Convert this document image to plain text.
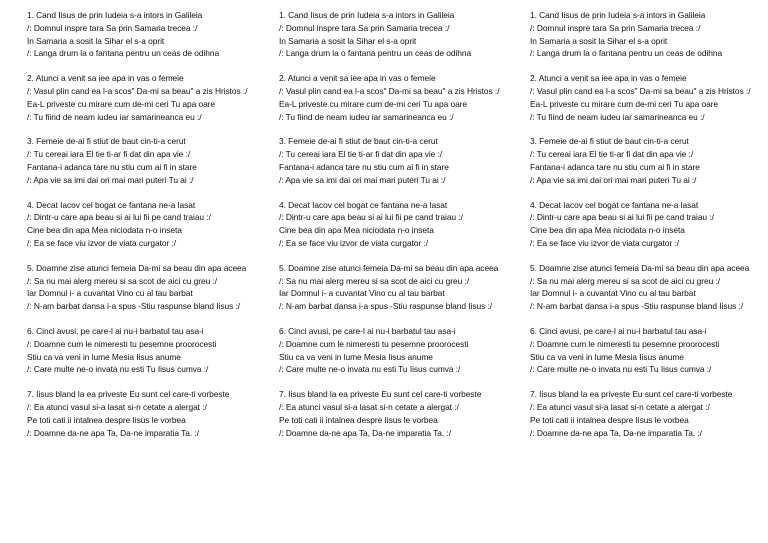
1. Cand Iisus de prin Iudeia s-a intors in Galileia
/: Domnul inspre tara Sa prin Samaria trecea :/
In Samaria a sosit la Sihar el s-a oprit
/: Langa drum la o fantana pentru un ceas de odihna
2. Atunci a venit sa iee apa in vas o femeie
/: Vasul plin cand ea l-a scos" Da-mi sa beau" a zis Hristos :/
Ea-L priveste cu mirare cum de-mi ceri Tu apa oare
/: Tu fiind de neam iudeu iar samarineanca eu :/
3. Femeie de-ai fi stiut de baut cin-ti-a cerut
/: Tu cereai iara El tie ti-ar fi dat din apa vie :/
Fantana-i adanca tare nu stiu cum ai fi in stare
/: Apa vie sa imi dai ori mai mari puteri Tu ai :/
4. Decat Iacov cel bogat ce fantana ne-a lasat
/: Dintr-u care apa beau si ai lui fii pe cand traiau :/
Cine bea din apa Mea niciodata n-o inseta
/: Ea se face viu izvor de viata curgator :/
5. Doamne zise atunci femeia Da-mi sa beau din apa aceea
/: Sa nu mai alerg mereu si sa scot de aici cu greu :/
Iar Domnul i- a cuvantat Vino cu al tau barbat
/: N-am barbat dansa i-a spus -Stiu raspunse bland Iisus :/
6. Cinci avusi, pe care-l ai nu-i barbatul tau asa-i
/: Doamne cum le nimeresti tu pesemne proorocesti
Stiu ca va veni in lume Mesia Iisus anume
/: Care multe ne-o invata nu esti Tu Iisus cumva :/
7. Iisus bland la ea priveste Eu sunt cel care-ti vorbeste
/: Ea atunci vasul si-a lasat si-n cetate a alergat :/
Pe toti cati ii intalnea despre Iisus le vorbea
/: Doamne da-ne apa Ta, Da-ne imparatia Ta. :/
1. Cand Iisus de prin Iudeia s-a intors in Galileia
/: Domnul inspre tara Sa prin Samaria trecea :/
In Samaria a sosit la Sihar el s-a oprit
/: Langa drum la o fantana pentru un ceas de odihna
2. Atunci a venit sa iee apa in vas o femeie
/: Vasul plin cand ea l-a scos" Da-mi sa beau" a zis Hristos :/
Ea-L priveste cu mirare cum de-mi ceri Tu apa oare
/: Tu fiind de neam iudeu iar samarineanca eu :/
3. Femeie de-ai fi stiut de baut cin-ti-a cerut
/: Tu cereai iara El tie ti-ar fi dat din apa vie :/
Fantana-i adanca tare nu stiu cum ai fi in stare
/: Apa vie sa imi dai ori mai mari puteri Tu ai :/
4. Decat Iacov cel bogat ce fantana ne-a lasat
/: Dintr-u care apa beau si ai lui fii pe cand traiau :/
Cine bea din apa Mea niciodata n-o inseta
/: Ea se face viu izvor de viata curgator :/
5. Doamne zise atunci femeia Da-mi sa beau din apa aceea
/: Sa nu mai alerg mereu si sa scot de aici cu greu :/
Iar Domnul i- a cuvantat Vino cu al tau barbat
/: N-am barbat dansa i-a spus -Stiu raspunse bland Iisus :/
6. Cinci avusi, pe care-l ai nu-i barbatul tau asa-i
/: Doamne cum le nimeresti tu pesemne proorocesti
Stiu ca va veni in lume Mesia Iisus anume
/: Care multe ne-o invata nu esti Tu Iisus cumva :/
7. Iisus bland la ea priveste Eu sunt cel care-ti vorbeste
/: Ea atunci vasul si-a lasat si-n cetate a alergat :/
Pe toti cati ii intalnea despre Iisus le vorbea
/: Doamne da-ne apa Ta, Da-ne imparatia Ta. :/
1. Cand Iisus de prin Iudeia s-a intors in Galileia
/: Domnul inspre tara Sa prin Samaria trecea :/
In Samaria a sosit la Sihar el s-a oprit
/: Langa drum la o fantana pentru un ceas de odihna
2. Atunci a venit sa iee apa in vas o femeie
/: Vasul plin cand ea l-a scos" Da-mi sa beau" a zis Hristos :/
Ea-L priveste cu mirare cum de-mi ceri Tu apa oare
/: Tu fiind de neam iudeu iar samarineanca eu :/
3. Femeie de-ai fi stiut de baut cin-ti-a cerut
/: Tu cereai iara El tie ti-ar fi dat din apa vie :/
Fantana-i adanca tare nu stiu cum ai fi in stare
/: Apa vie sa imi dai ori mai mari puteri Tu ai :/
4. Decat Iacov cel bogat ce fantana ne-a lasat
/: Dintr-u care apa beau si ai lui fii pe cand traiau :/
Cine bea din apa Mea niciodata n-o inseta
/: Ea se face viu izvor de viata curgator :/
5. Doamne zise atunci femeia Da-mi sa beau din apa aceea
/: Sa nu mai alerg mereu si sa scot de aici cu greu :/
Iar Domnul i- a cuvantat Vino cu al tau barbat
/: N-am barbat dansa i-a spus -Stiu raspunse bland Iisus :/
6. Cinci avusi, pe care-l ai nu-i barbatul tau asa-i
/: Doamne cum le nimeresti tu pesemne proorocesti
Stiu ca va veni in lume Mesia Iisus anume
/: Care multe ne-o invata nu esti Tu Iisus cumva :/
7. Iisus bland la ea priveste Eu sunt cel care-ti vorbeste
/: Ea atunci vasul si-a lasat si-n cetate a alergat :/
Pe toti cati ii intalnea despre Iisus le vorbea
/: Doamne da-ne apa Ta, Da-ne imparatia Ta. :/
